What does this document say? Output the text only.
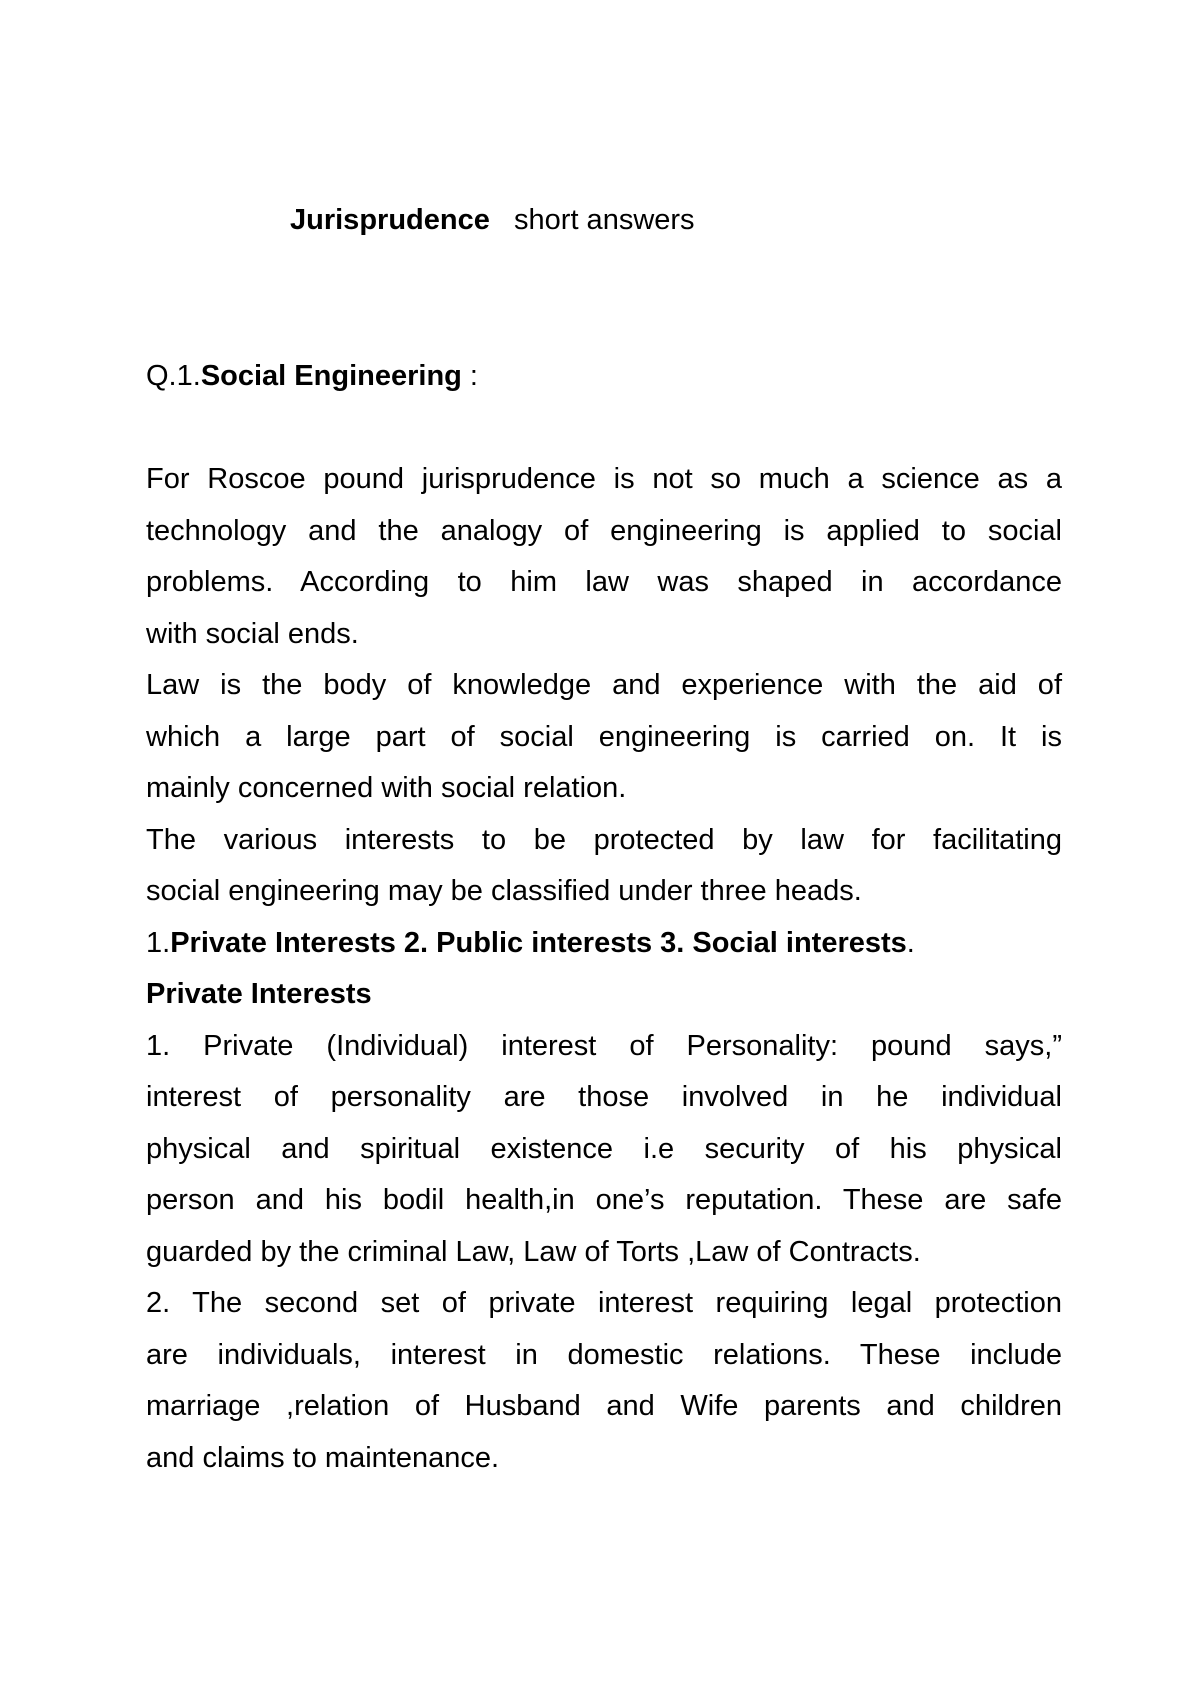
Jurisprudence short answers
Q.1.Social Engineering :
For Roscoe pound jurisprudence is not so much a science as a
technology and the analogy of engineering is applied to social
problems. According to him law was shaped in accordance
with social ends.
Law is the body of knowledge and experience with the aid of
which a large part of social engineering is carried on. It is
mainly concerned with social relation.
The various interests to be protected by law for facilitating
social engineering may be classified under three heads.
1.Private Interests 2. Public interests 3. Social interests.
Private Interests
1. Private (Individual) interest of Personality: pound says,”
interest of personality are those involved in he individual
physical and spiritual existence i.e security of his physical
person and his bodil health,in one’s reputation. These are safe
guarded by the criminal Law, Law of Torts ,Law of Contracts.
2. The second set of private interest requiring legal protection
are individuals, interest in domestic relations. These include
marriage ,relation of Husband and Wife parents and children
and claims to maintenance.
